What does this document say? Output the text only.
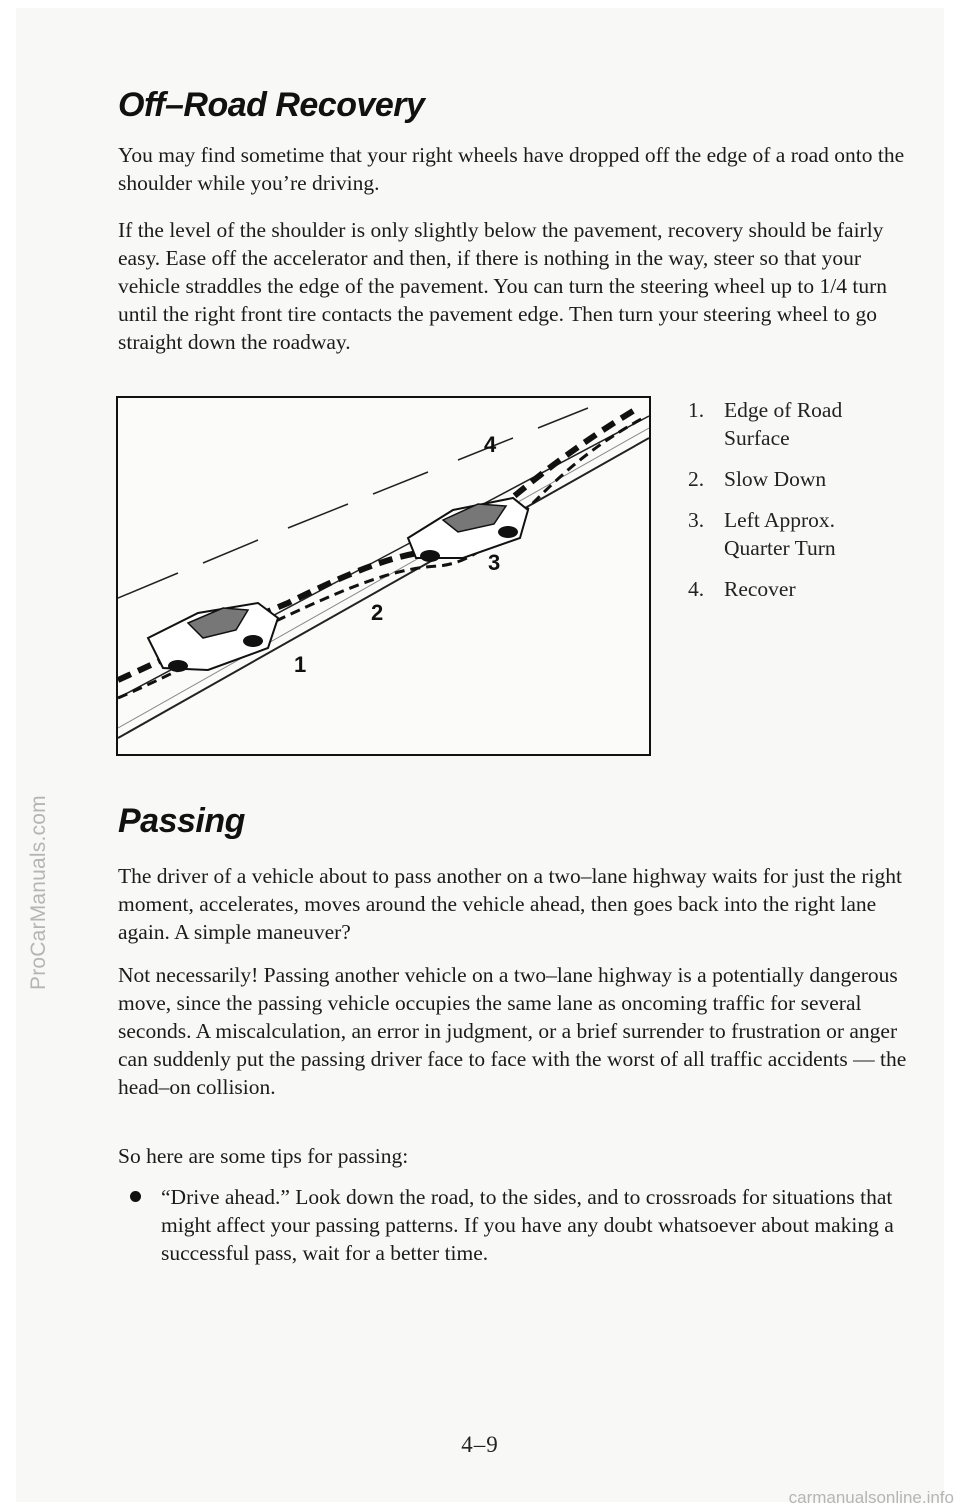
ProCarManuals.com
Off–Road Recovery

You may find sometime that your right wheels have dropped off the edge of a road onto the shoulder while you’re driving.

If the level of the shoulder is only slightly below the pavement, recovery should be fairly easy. Ease off the accelerator and then, if there is nothing in the way, steer so that your vehicle straddles the edge of the pavement. You can turn the steering wheel up to 1/4 turn until the right front tire contacts the pavement edge. Then turn your steering wheel to go straight down the roadway.

1
2
3
4
1. Edge of Road Surface
2. Slow Down
3. Left Approx. Quarter Turn
4. Recover
Passing

The driver of a vehicle about to pass another on a two–lane highway waits for just the right moment, accelerates, moves around the vehicle ahead, then goes back into the right lane again. A simple maneuver?

Not necessarily! Passing another vehicle on a two–lane highway is a potentially dangerous move, since the passing vehicle occupies the same lane as oncoming traffic for several seconds. A miscalculation, an error in judgment, or a brief surrender to frustration or anger can suddenly put the passing driver face to face with the worst of all traffic accidents — the head–on collision.

So here are some tips for passing:

“Drive ahead.” Look down the road, to the sides, and to crossroads for situations that might affect your passing patterns. If you have any doubt whatsoever about making a successful pass, wait for a better time.

4–9
carmanualsonline.info
